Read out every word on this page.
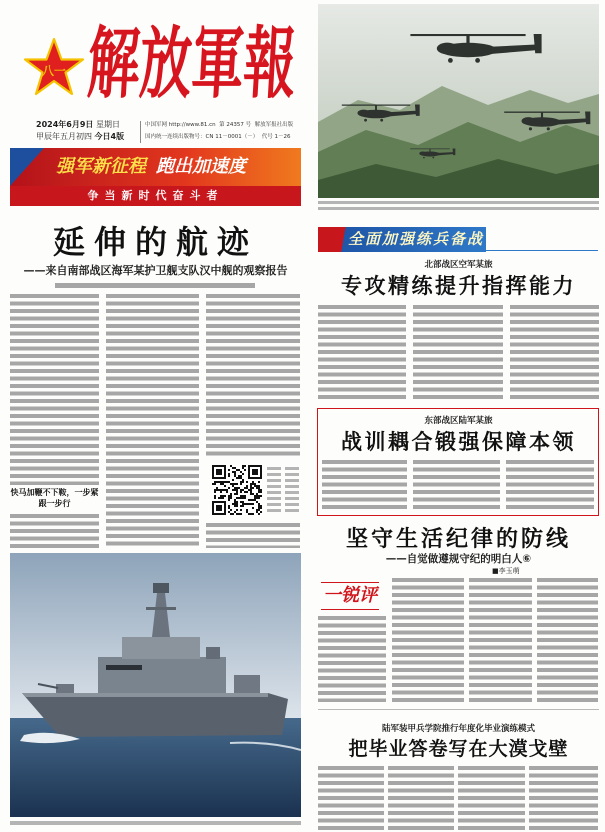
八一 解放軍報
2024年6月9日 星期日
甲辰年五月初四 今日4版
中国军网 http://www.81.cn 第 24357 号 解放军报社出版
国内统一连续出版物号：CN 11－0001（－） 代号 1－26
强军新征程 跑出加速度
争当新时代奋斗者
延伸的航迹
——来自南部战区海军某护卫舰支队汉中舰的观察报告
快马加鞭不下鞍，一步紧跟一步行
全面加强练兵备战
北部战区空军某旅
专攻精练提升指挥能力
东部战区陆军某旅
战训耦合锻强保障本领
坚守生活纪律的防线
——自觉做遵规守纪的明白人⑥
■李玉萌
一锐评
陆军装甲兵学院推行年度化毕业演练模式
把毕业答卷写在大漠戈壁
